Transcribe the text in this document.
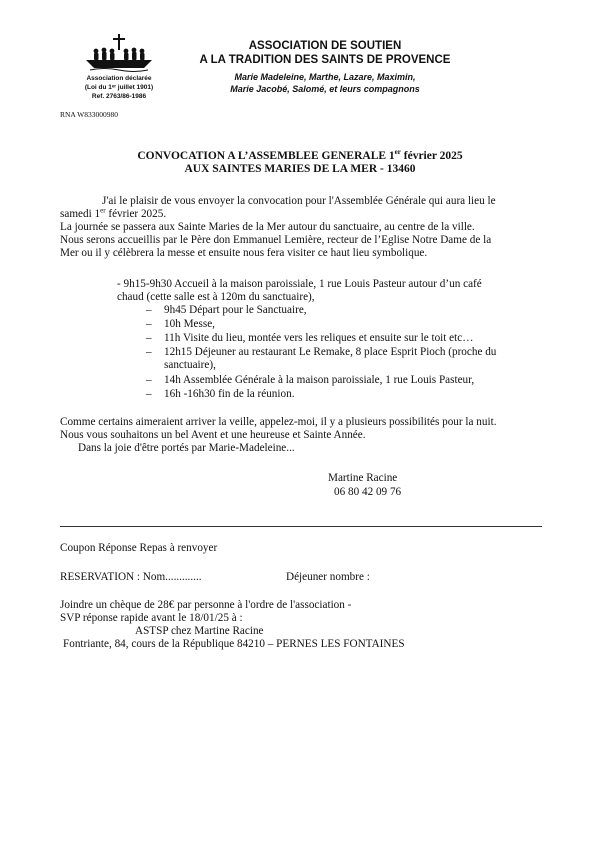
Association déclarée
(Loi du 1ᵉʳ juillet 1901)
Ref. 2763/86-1986
ASSOCIATION DE SOUTIEN
A LA TRADITION DES SAINTS DE PROVENCE
Marie Madeleine, Marthe, Lazare, Maximin,
Marie Jacobé, Salomé, et leurs compagnons
RNA W833000980
CONVOCATION A L’ASSEMBLEE GENERALE 1er février 2025
AUX SAINTES MARIES DE LA MER - 13460
J'ai le plaisir de vous envoyer la convocation pour l'Assemblée Générale qui aura lieu le
samedi 1er février 2025.
La journée se passera aux Sainte Maries de la Mer autour du sanctuaire, au centre de la ville.
Nous serons accueillis par le Père don Emmanuel Lemière, recteur de l’Eglise Notre Dame de la
Mer ou il y célèbrera la messe et ensuite nous fera visiter ce haut lieu symbolique.
- 9h15-9h30 Accueil à la maison paroissiale, 1 rue Louis Pasteur autour d’un café
chaud (cette salle est à 120m du sanctuaire),
– 9h45 Départ pour le Sanctuaire,
– 10h Messe,
– 11h Visite du lieu, montée vers les reliques et ensuite sur le toit etc…
– 12h15 Déjeuner au restaurant Le Remake, 8 place Esprit Pioch (proche du
sanctuaire),
– 14h Assemblée Générale à la maison paroissiale, 1 rue Louis Pasteur,
– 16h -16h30 fin de la réunion.
Comme certains aimeraient arriver la veille, appelez-moi, il y a plusieurs possibilités pour la nuit.
Nous vous souhaitons un bel Avent et une heureuse et Sainte Année.
Dans la joie d'être portés par Marie-Madeleine...
Martine Racine
06 80 42 09 76
Coupon Réponse Repas à renvoyer
RESERVATION : Nom.............	Déjeuner nombre :
Joindre un chèque de 28€ par personne à l'ordre de l'association -
SVP réponse rapide avant le 18/01/25 à :
ASTSP chez Martine Racine
Fontriante, 84, cours de la République 84210 – PERNES LES FONTAINES
